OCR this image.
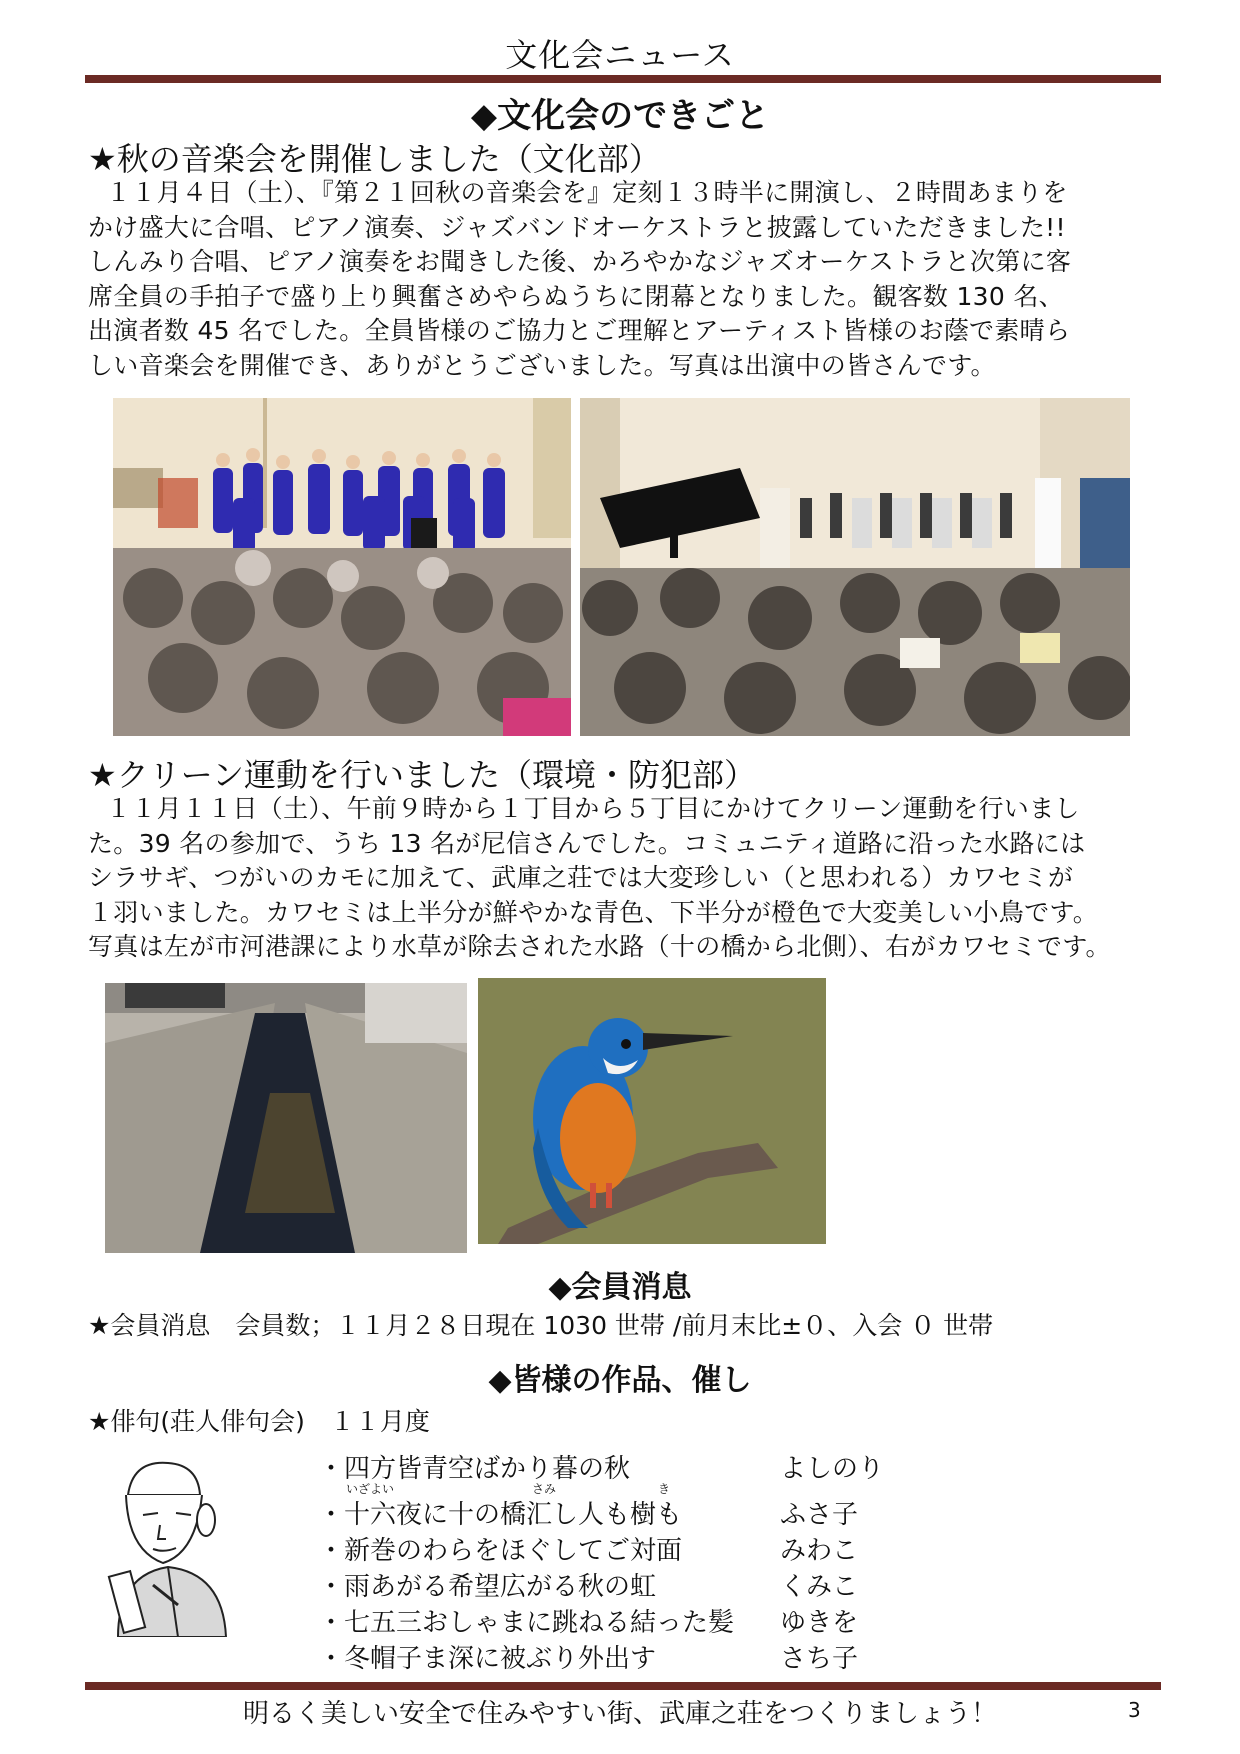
文化会ニュース
◆文化会のできごと
★秋の音楽会を開催しました（文化部）
１１月４日（土）、『第２１回秋の音楽会を』定刻１３時半に開演し、２時間あまりを
かけ盛大に合唱、ピアノ演奏、ジャズバンドオーケストラと披露していただきました!!
しんみり合唱、ピアノ演奏をお聞きした後、かろやかなジャズオーケストラと次第に客
席全員の手拍子で盛り上り興奮さめやらぬうちに閉幕となりました。観客数 130 名、
出演者数 45 名でした。全員皆様のご協力とご理解とアーティスト皆様のお蔭で素晴ら
しい音楽会を開催でき、ありがとうございました。写真は出演中の皆さんです。
★クリーン運動を行いました（環境・防犯部）
１１月１１日（土）、午前９時から１丁目から５丁目にかけてクリーン運動を行いまし
た。39 名の参加で、うち 13 名が尼信さんでした。コミュニティ道路に沿った水路には
シラサギ、つがいのカモに加えて、武庫之荘では大変珍しい（と思われる）カワセミが
１羽いました。カワセミは上半分が鮮やかな青色、下半分が橙色で大変美しい小鳥です。
写真は左が市河港課により水草が除去された水路（十の橋から北側）、右がカワセミです。
◆会員消息
★会員消息　会員数；１１月２８日現在 1030 世帯 /前月末比±０、入会 ０ 世帯
◆皆様の作品、催し
★俳句(荘人俳句会)　１１月度
・四方皆青空ばかり暮の秋	よしのり
いざよい	さみ	き
・十六夜に十の橋汇し人も樹も	ふさ子
・新巻のわらをほぐしてご対面	みわこ
・雨あがる希望広がる秋の虹	くみこ
・七五三おしゃまに跳ねる結った髪 ゆきを
・冬帽子ま深に被ぶり外出す	さち子
明るく美しい安全で住みやすい街、武庫之荘をつくりましょう！	3
